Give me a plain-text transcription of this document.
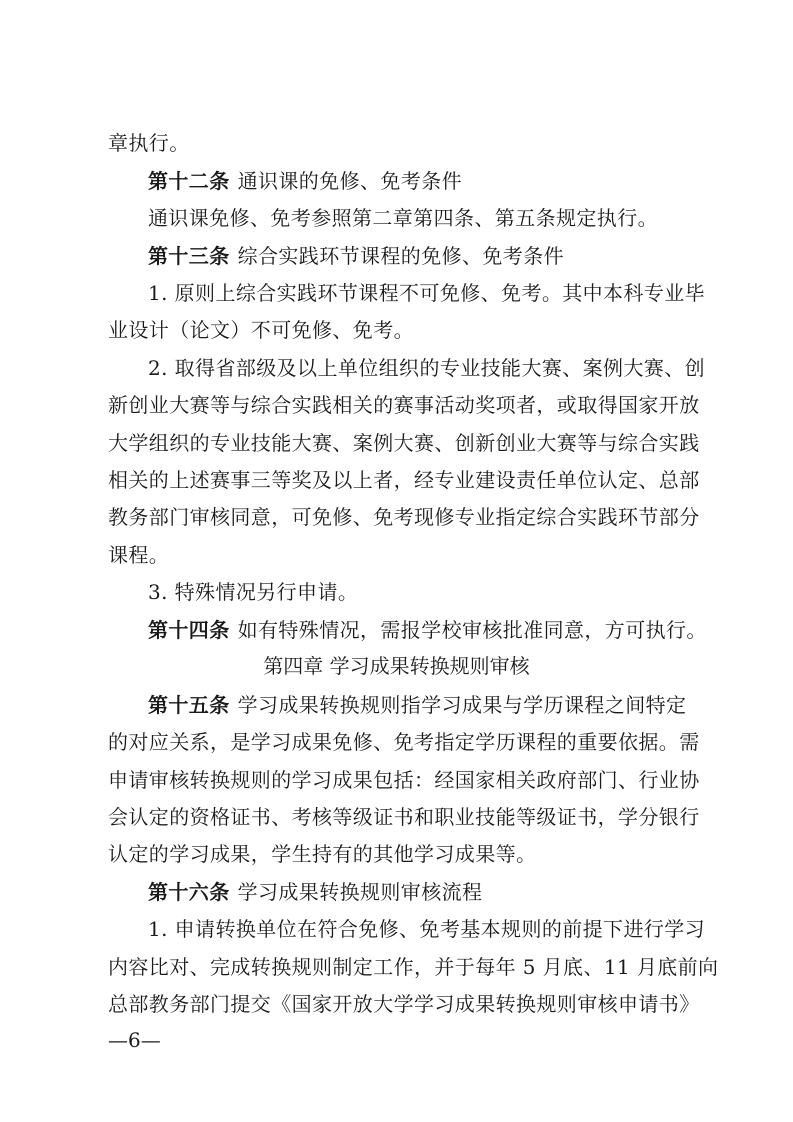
章执行。
第十二条 通识课的免修、免考条件
通识课免修、免考参照第二章第四条、第五条规定执行。
第十三条 综合实践环节课程的免修、免考条件
1. 原则上综合实践环节课程不可免修、免考。其中本科专业毕
业设计（论文）不可免修、免考。
2. 取得省部级及以上单位组织的专业技能大赛、案例大赛、创
新创业大赛等与综合实践相关的赛事活动奖项者，或取得国家开放
大学组织的专业技能大赛、案例大赛、创新创业大赛等与综合实践
相关的上述赛事三等奖及以上者，经专业建设责任单位认定、总部
教务部门审核同意，可免修、免考现修专业指定综合实践环节部分
课程。
3. 特殊情况另行申请。
第十四条 如有特殊情况，需报学校审核批准同意，方可执行。
第四章 学习成果转换规则审核
第十五条 学习成果转换规则指学习成果与学历课程之间特定
的对应关系，是学习成果免修、免考指定学历课程的重要依据。需
申请审核转换规则的学习成果包括：经国家相关政府部门、行业协
会认定的资格证书、考核等级证书和职业技能等级证书，学分银行
认定的学习成果，学生持有的其他学习成果等。
第十六条 学习成果转换规则审核流程
1. 申请转换单位在符合免修、免考基本规则的前提下进行学习
内容比对、完成转换规则制定工作，并于每年 5 月底、11 月底前向
总部教务部门提交《国家开放大学学习成果转换规则审核申请书》
—6—
